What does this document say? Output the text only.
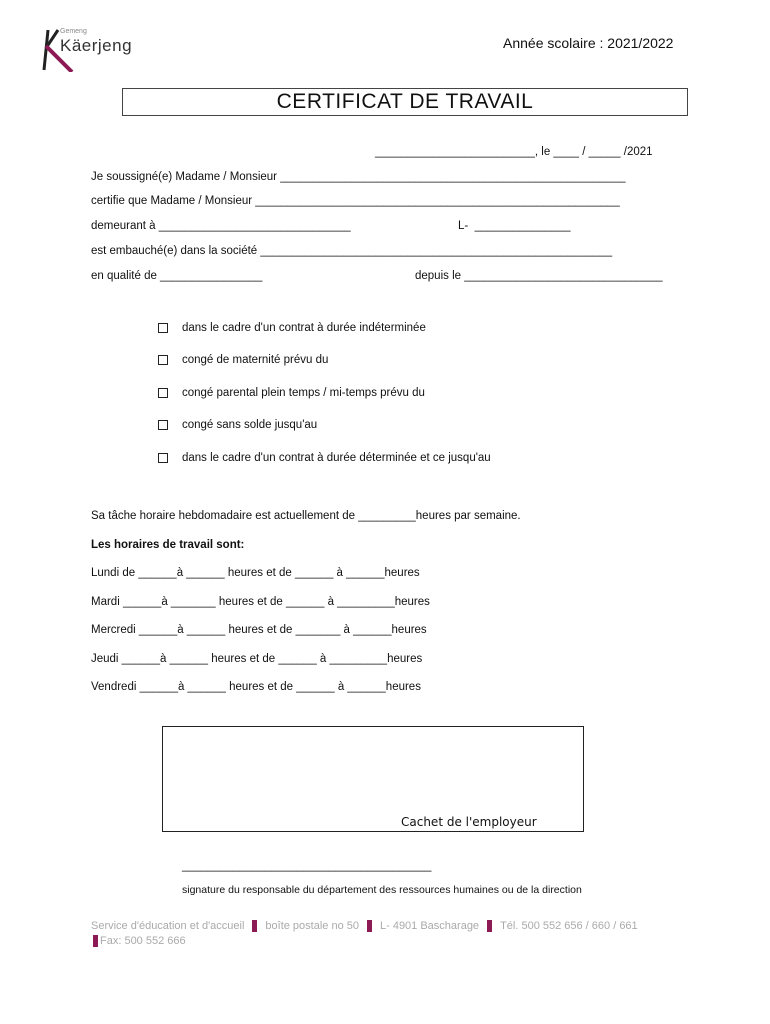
Gemeng
Käerjeng	Année scolaire : 2021/2022
CERTIFICAT DE TRAVAIL
_________________________, le ____ / _____ /2021
Je soussigné(e) Madame / Monsieur ______________________________________________________
certifie que Madame / Monsieur _________________________________________________________
demeurant à ______________________________	L-  _______________
est embauché(e) dans la société _______________________________________________________
en qualité de ________________	depuis le _______________________________
dans le cadre d'un contrat à durée indéterminée
congé de maternité prévu du
congé parental plein temps / mi-temps prévu du
congé sans solde jusqu'au
dans le cadre d'un contrat à durée déterminée et ce jusqu'au
Sa tâche horaire hebdomadaire est actuellement de _________heures par semaine.
Les horaires de travail sont:
Lundi de ______à ______ heures et de ______ à ______heures
Mardi ______à _______ heures et de ______ à _________heures
Mercredi ______à ______ heures et de _______ à ______heures
Jeudi ______à ______ heures et de ______ à _________heures
Vendredi ______à ______ heures et de ______ à ______heures
Cachet de l'employeur
_______________________________________
signature du responsable du département des ressources humaines ou de la direction
Service d'éducation et d'accueil boîte postale no 50 L- 4901 Bascharage Tél. 500 552 656 / 660 / 661
Fax: 500 552 666
